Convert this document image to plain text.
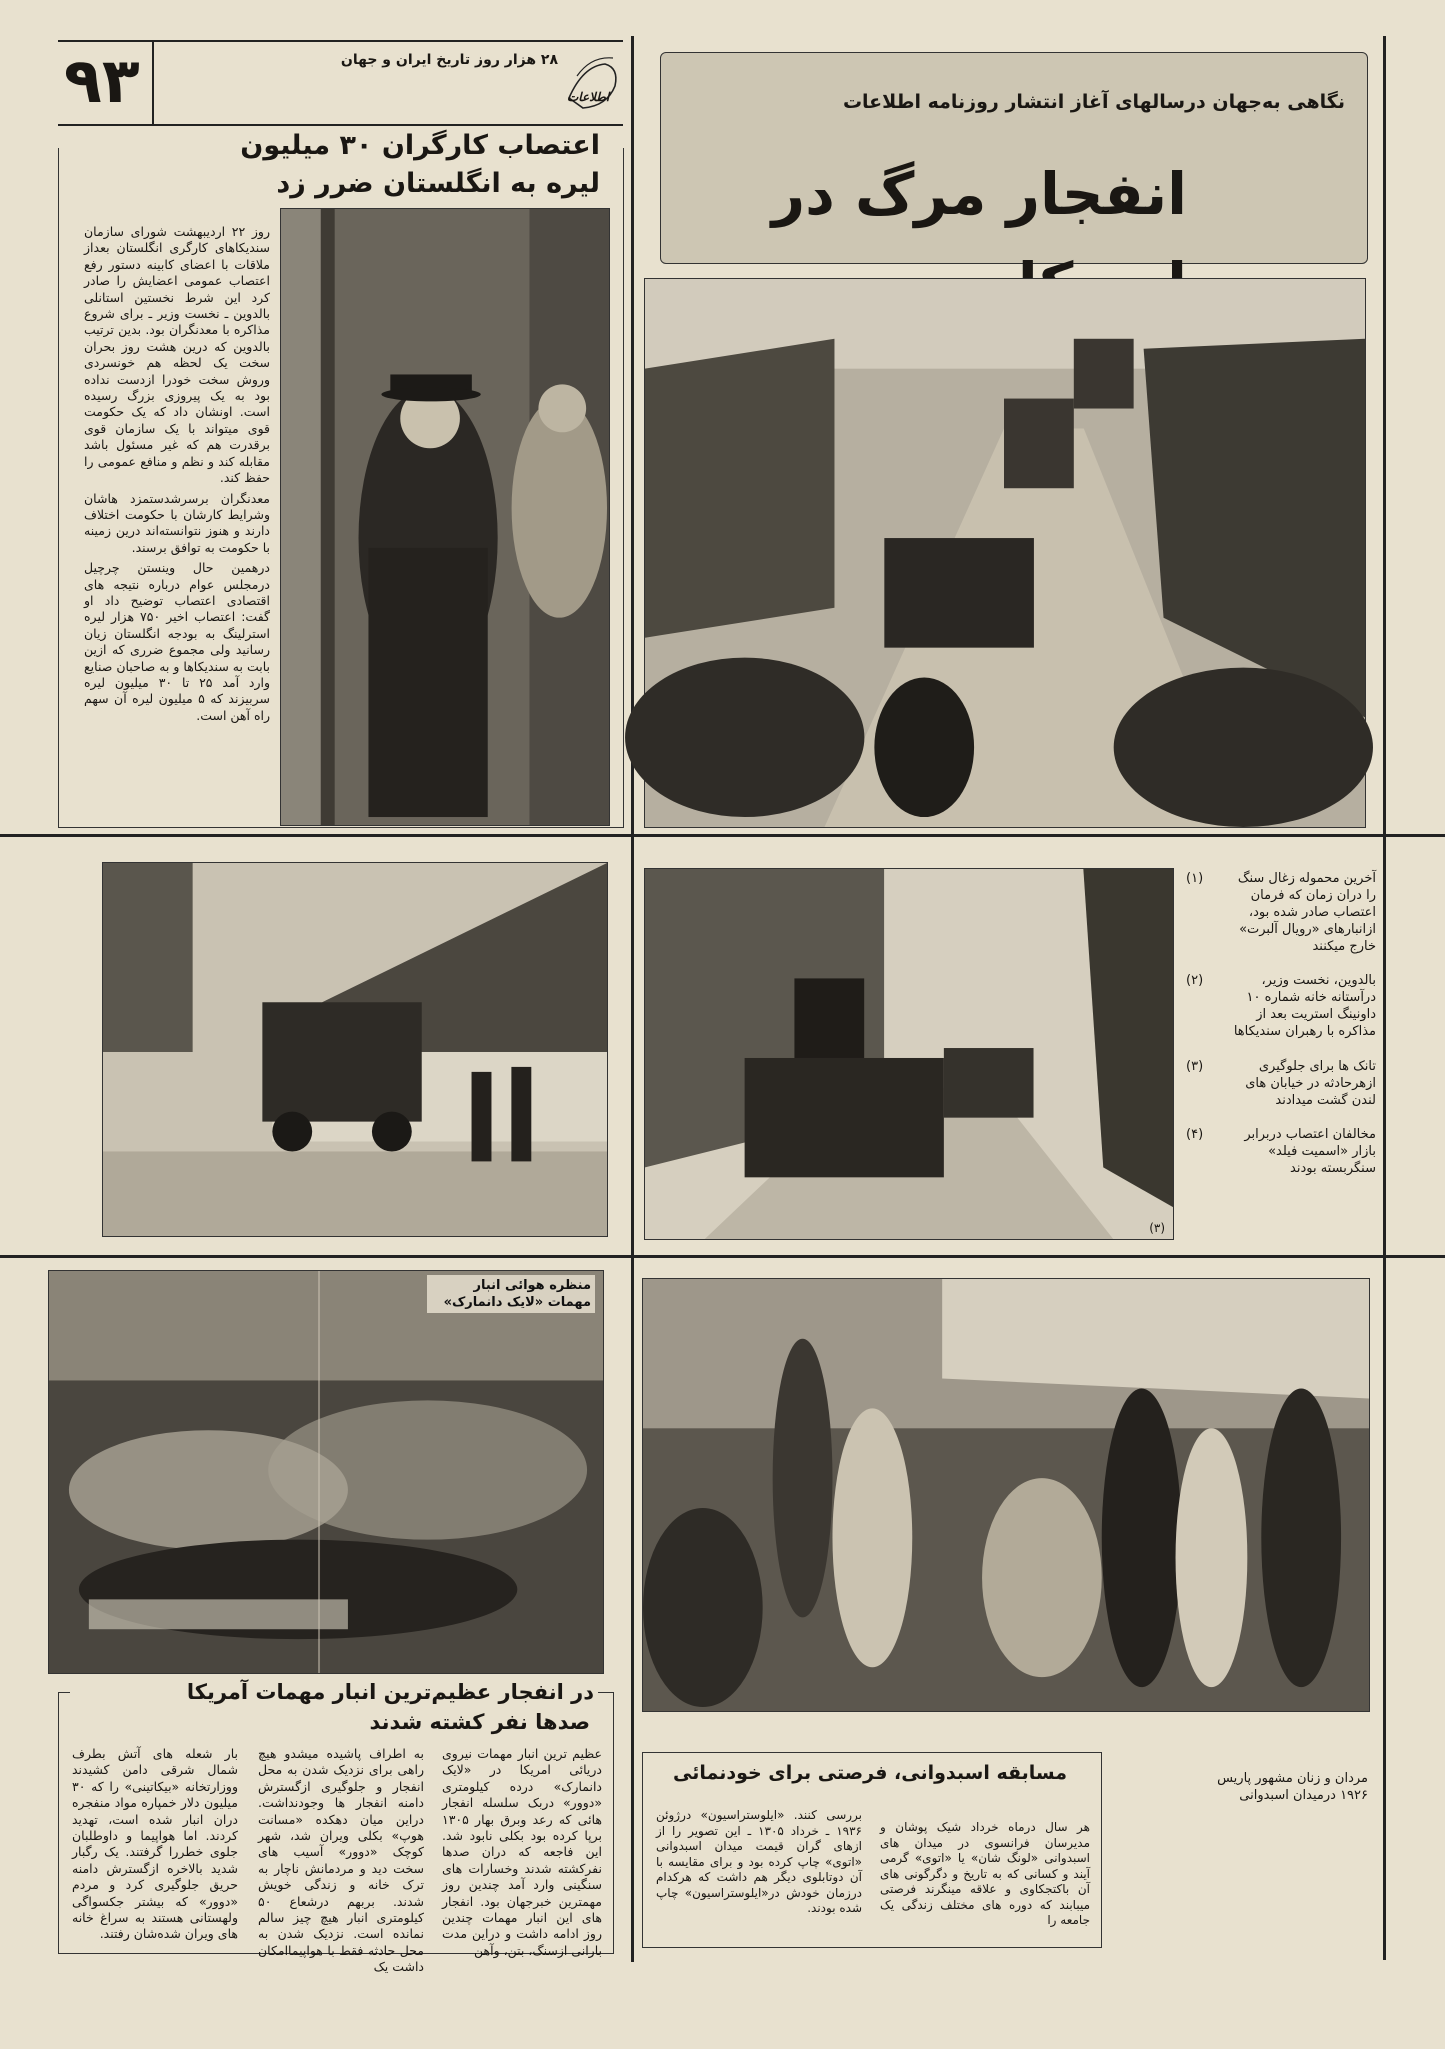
۹۳	۲۸ هزار روز تاریخ ایران و جهان
اطلاعات	نگاهی به‌جهان درسالهای آغاز انتشار روزنامه اطلاعات
انفجار مرگ در
اعتصاب کارگران ۳۰ میلیون
لیره به انگلستان ضرر زد

روز ۲۲ اردیبهشت شورای سازمان سندیکاهای کارگری انگلستان بعداز ملاقات با اعضای کابینه دستور رفع اعتصاب عمومی اعضایش را صادر کرد این شرط نخستین استانلی بالدوین ـ نخست وزیر ـ برای شروع مذاکره با معدنگران بود. بدین ترتیب بالدوین که درین هشت روز بحران سخت یک لحظه هم خونسردی وروش سخت خودرا ازدست نداده بود به یک پیروزی بزرگ رسیده است. اونشان داد که یک حکومت قوی میتواند با یک سازمان قوی برقدرت هم که غیر مسئول باشد مقابله کند و نظم و منافع عمومی را حفظ کند.

معدنگران برسرشدستمزد هاشان وشرایط کارشان با حکومت اختلاف دارند و هنوز نتوانسته‌اند درین زمینه با حکومت به توافق برسند.

درهمین حال وینستن چرچیل درمجلس عوام درباره نتیجه های اقتصادی اعتصاب توضیح داد او گفت: اعتصاب اخیر ۷۵۰ هزار لیره استرلینگ به بودجه انگلستان زیان رسانید ولی مجموع ضرری که ازین بابت به سندیکاها و به صاحبان صنایع وارد آمد ۲۵ تا ۳۰ میلیون لیره سربیزند که ۵ میلیون لیره آن سهم راه آهن است.

(۳)
(۱)	آخرین محموله زغال سنگ را دران زمان که فرمان اعتصاب صادر شده بود، ازانبارهای «رویال آلبرت» خارج میکنند
(۲)	بالدوین، نخست وزیر، درآستانه خانه شماره ۱۰ داونینگ استریت بعد از مذاکره با رهبران سندیکاها
(۳)	تانک ها برای جلوگیری ازهرحادثه در خیابان های لندن گشت میدادند
(۴)	مخالفان اعتصاب دربرابر بازار «اسمیت فیلد» سنگربسته بودند
منظره هوائی انبار مهمات «لایک دانمارک»
در انفجار عظیم‌ترین انبار مهمات آمریکا
صدها نفر کشته شدند
عظیم ترین انبار مهمات نیروی دریائی امریکا در «لایک دانمارک» درده کیلومتری «دوور» دربک سلسله انفجار هائی که رعد وبرق بهار ۱۳۰۵ برپا کرده بود بکلی نابود شد. این فاجعه که دران صدها نفرکشته شدند وخسارات های سنگینی وارد آمد چندین روز مهمترین خبرجهان بود. انفجار های این انبار مهمات چندین روز ادامه داشت و دراین مدت بارانی ازسنگ، بتن، وآهن
به اطراف پاشیده میشدو هیچ راهی برای نزدیک شدن به محل انفجار و جلوگیری ازگسترش دامنه انفجار ها وجودنداشت. دراین میان دهکده «مسانت هوپ» بکلی ویران شد، شهر کوچک «دوور» آسیب های سخت دید و مردمانش ناچار به ترک خانه و زندگی خویش شدند. بربهم درشعاع ۵۰ کیلومتری انبار هیچ چیز سالم نمانده است. نزدیک شدن به محل حادثه فقط با هواپیماامکان داشت یک
بار شعله های آتش بطرف شمال شرقی دامن کشیدند ووزارتخانه «بیکاتینی» را که ۳۰ میلیون دلار خمپاره مواد منفجره دران انبار شده است، تهدید کردند. اما هواپیما و داوطلبان جلوی خطررا گرفتند. یک رگبار شدید بالاخره ازگسترش دامنه حریق جلوگیری کرد و مردم «دوور» که بیشتر جکسواگی ولهستانی هستند به سراغ خانه های ویران شده‌شان رفتند.
مسابقه اسبدوانی، فرصتی برای خودنمائی
هر سال درماه خرداد شیک پوشان و مدیرسان فرانسوی در میدان های اسبدوانی «لونگ شان» یا «اتوی» گرمی آیند و کسانی که به تاریخ و دگرگونی های آن باکتجکاوی و علاقه مینگرند فرصتی میبابند که دوره های مختلف زندگی یک جامعه را
بررسی کنند. «ایلوستراسیون» درژوئن ۱۹۳۶ ـ خرداد ۱۳۰۵ ـ این تصویر را از ازهای گران قیمت میدان اسبدوانی «اتوی» چاپ کرده بود و برای مقایسه با آن دوتابلوی دیگر هم داشت که هرکدام درزمان خودش در«ایلوستراسیون» چاپ شده بودند.
مردان و زنان مشهور پاریس ۱۹۲۶ درمیدان اسبدوانی
